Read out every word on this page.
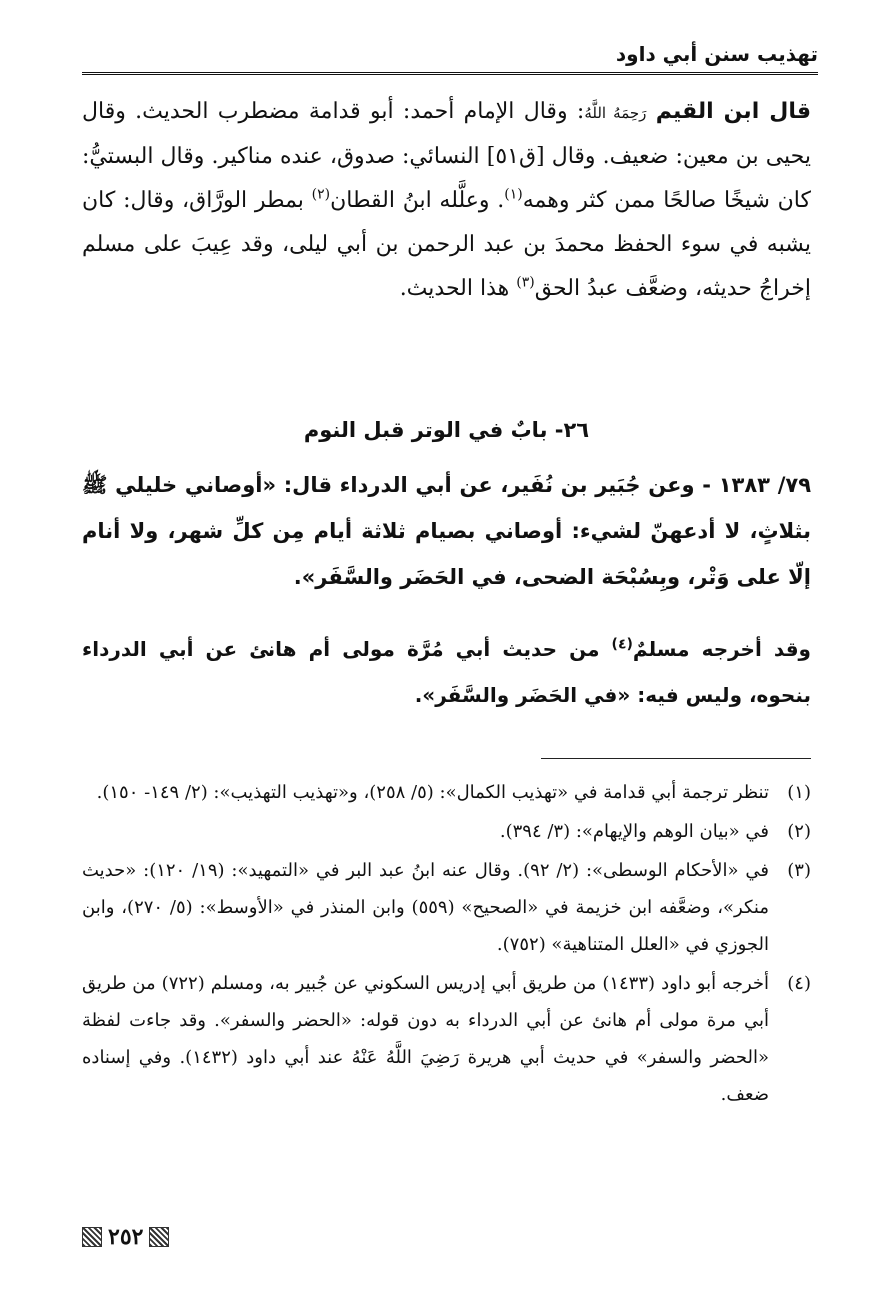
تهذيب سنن أبي داود

قال ابن القيم رَحِمَهُ اللَّهُ: وقال الإمام أحمد: أبو قدامة مضطرب الحديث. وقال يحيى بن معين: ضعيف. وقال [ق٥١] النسائي: صدوق، عنده مناكير. وقال البستيُّ: كان شيخًا صالحًا ممن كثر وهمه$^{(١)}$. وعلَّله ابنُ القطان$^{(٢)}$ بمطر الورَّاق، وقال: كان يشبه في سوء الحفظ محمدَ بن عبد الرحمن بن أبي ليلى، وقد عِيبَ على مسلم إخراجُ حديثه، وضعَّف عبدُ الحق$^{(٣)}$ هذا الحديث.

٢٦- بابٌ في الوتر قبل النوم

٧٩/ ١٣٨٣ - وعن جُبَير بن نُفَير، عن أبي الدرداء قال: «أوصاني خليلي ﷺ بثلاثٍ، لا أدعهنّ لشيء: أوصاني بصيام ثلاثة أيام مِن كلِّ شهر، ولا أنام إلّا على وَتْر، وبِسُبْحَة الضحى، في الحَضَر والسَّفَر».

وقد أخرجه مسلمٌ$^{(٤)}$ من حديث أبي مُرَّة مولى أم هانئ عن أبي الدرداء بنحوه، وليس فيه: «في الحَضَر والسَّفَر».

(١)
تنظر ترجمة أبي قدامة في «تهذيب الكمال»: (٥/ ٢٥٨)، و«تهذيب التهذيب»: (٢/ ١٤٩- ١٥٠).
(٢)
في «بيان الوهم والإيهام»: (٣/ ٣٩٤).
(٣)
في «الأحكام الوسطى»: (٢/ ٩٢). وقال عنه ابنُ عبد البر في «التمهيد»: (١٩/ ١٢٠): «حديث منكر»، وضعَّفه ابن خزيمة في «الصحيح» (٥٥٩) وابن المنذر في «الأوسط»: (٥/ ٢٧٠)، وابن الجوزي في «العلل المتناهية» (٧٥٢).
(٤)
أخرجه أبو داود (١٤٣٣) من طريق أبي إدريس السكوني عن جُبير به، ومسلم (٧٢٢) من طريق أبي مرة مولى أم هانئ عن أبي الدرداء به دون قوله: «الحضر والسفر». وقد جاءت لفظة «الحضر والسفر» في حديث أبي هريرة رَضِيَ اللَّهُ عَنْهُ عند أبي داود (١٤٣٢). وفي إسناده ضعف.
٢٥٢
